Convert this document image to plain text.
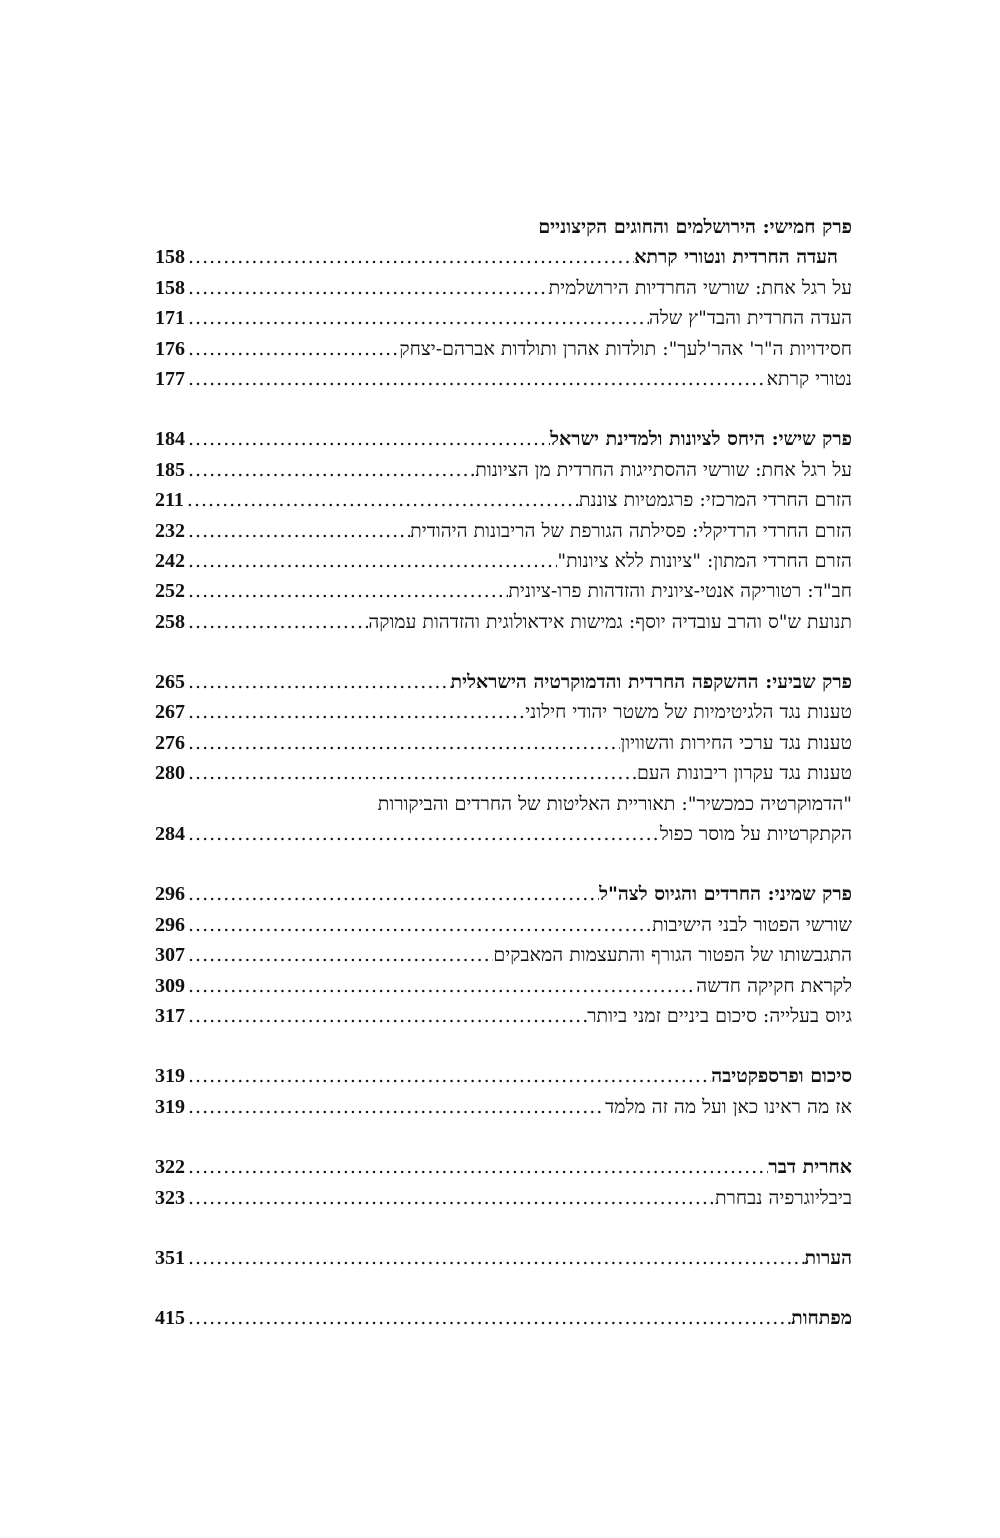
פרק חמישי: הירושלמים והחוגים הקיצוניים
העדה החרדית ונטורי קרתא
.....
158
על רגל אחת: שורשי החרדיות הירושלמית
.....
158
העדה החרדית והבד"ץ שלה
.....
171
חסידויות ה"ר' אהר'לעך": תולדות אהרן ותולדות אברהם-יצחק
.....
176
נטורי קרתא
.....
177
פרק שישי: היחס לציונות ולמדינת ישראל
.....
184
על רגל אחת: שורשי ההסתייגות החרדית מן הציונות
.....
185
הזרם החרדי המרכזי: פרגמטיות צוננת
.....
211
הזרם החרדי הרדיקלי: פסילתה הגורפת של הריבונות היהודית
.....
232
הזרם החרדי המתון: "ציונות ללא ציונות"
.....
242
חב"ד: רטוריקה אנטי-ציונית והזדהות פרו-ציונית
.....
252
תנועת ש"ס והרב עובדיה יוסף: גמישות אידאולוגית והזדהות עמוקה
.....
258
פרק שביעי: ההשקפה החרדית והדמוקרטיה הישראלית
.....
265
טענות נגד הלגיטימיות של משטר יהודי חילוני
.....
267
טענות נגד ערכי החירות והשוויון
.....
276
טענות נגד עקרון ריבונות העם
.....
280
"הדמוקרטיה כמכשיר": תאוריית האליטות של החרדים והביקורות
הקתקרטיות על מוסר כפול
.....
284
פרק שמיני: החרדים והגיוס לצה"ל
.....
296
שורשי הפטור לבני הישיבות
.....
296
התגבשותו של הפטור הגורף והתעצמות המאבקים
.....
307
לקראת חקיקה חדשה
.....
309
גיוס בעלייה: סיכום ביניים זמני ביותר
.....
317
סיכום ופרספקטיבה
.....
319
אז מה ראינו כאן ועל מה זה מלמד
.....
319
אחרית דבר
.....
322
ביבליוגרפיה נבחרת
.....
323
הערות
.....
351
מפתחות
.....
415
